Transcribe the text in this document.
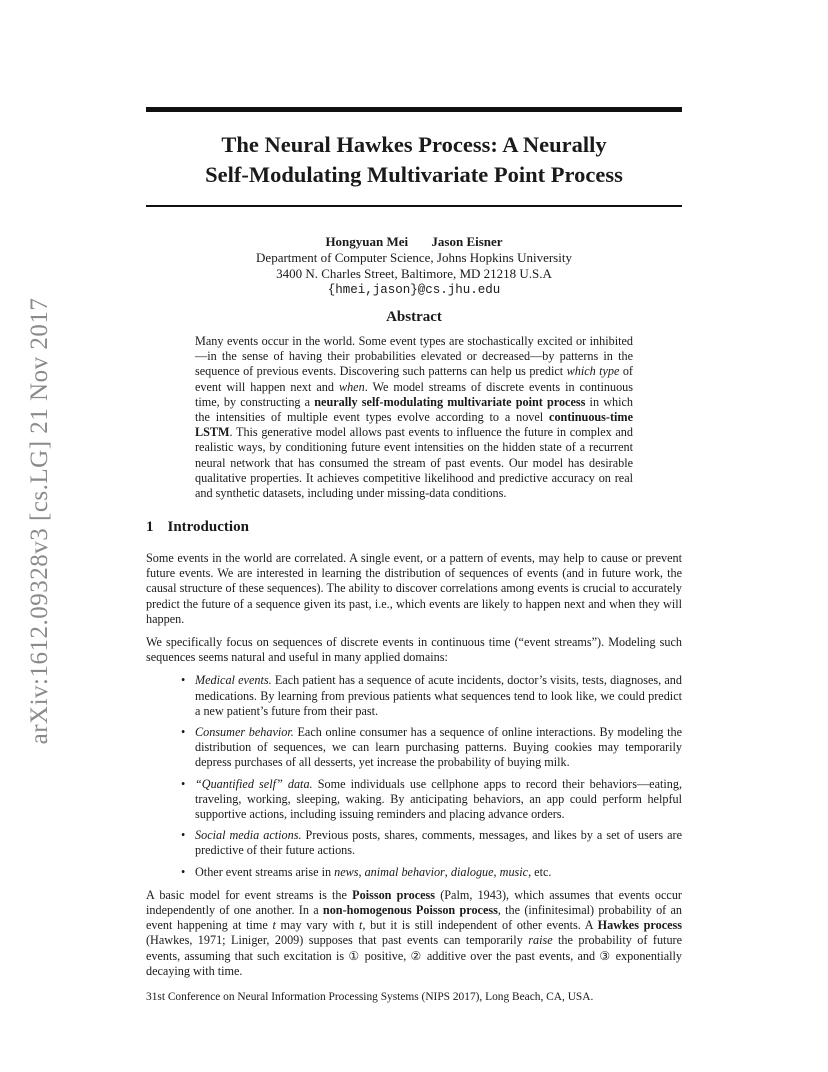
arXiv:1612.09328v3 [cs.LG] 21 Nov 2017
The Neural Hawkes Process: A Neurally
Self-Modulating Multivariate Point Process
Hongyuan Mei Jason Eisner
Department of Computer Science, Johns Hopkins University
3400 N. Charles Street, Baltimore, MD 21218 U.S.A
{hmei,jason}@cs.jhu.edu
Abstract

Many events occur in the world. Some event types are stochastically excited or inhibited—in the sense of having their probabilities elevated or decreased—by patterns in the sequence of previous events. Discovering such patterns can help us predict which type of event will happen next and when. We model streams of discrete events in continuous time, by constructing a neurally self-modulating multivariate point process in which the intensities of multiple event types evolve according to a novel continuous-time LSTM. This generative model allows past events to influence the future in complex and realistic ways, by conditioning future event intensities on the hidden state of a recurrent neural network that has consumed the stream of past events. Our model has desirable qualitative properties. It achieves competitive likelihood and predictive accuracy on real and synthetic datasets, including under missing-data conditions.

1 Introduction

Some events in the world are correlated. A single event, or a pattern of events, may help to cause or prevent future events. We are interested in learning the distribution of sequences of events (and in future work, the causal structure of these sequences). The ability to discover correlations among events is crucial to accurately predict the future of a sequence given its past, i.e., which events are likely to happen next and when they will happen.

We specifically focus on sequences of discrete events in continuous time (“event streams”). Modeling such sequences seems natural and useful in many applied domains:

• Medical events. Each patient has a sequence of acute incidents, doctor’s visits, tests, diagnoses, and medications. By learning from previous patients what sequences tend to look like, we could predict a new patient’s future from their past.
• Consumer behavior. Each online consumer has a sequence of online interactions. By modeling the distribution of sequences, we can learn purchasing patterns. Buying cookies may temporarily depress purchases of all desserts, yet increase the probability of buying milk.
• “Quantified self” data. Some individuals use cellphone apps to record their behaviors—eating, traveling, working, sleeping, waking. By anticipating behaviors, an app could perform helpful supportive actions, including issuing reminders and placing advance orders.
• Social media actions. Previous posts, shares, comments, messages, and likes by a set of users are predictive of their future actions.
• Other event streams arise in news, animal behavior, dialogue, music, etc.

A basic model for event streams is the Poisson process (Palm, 1943), which assumes that events occur independently of one another. In a non-homogenous Poisson process, the (infinitesimal) probability of an event happening at time t may vary with t, but it is still independent of other events. A Hawkes process (Hawkes, 1971; Liniger, 2009) supposes that past events can temporarily raise the probability of future events, assuming that such excitation is ① positive, ② additive over the past events, and ③ exponentially decaying with time.

31st Conference on Neural Information Processing Systems (NIPS 2017), Long Beach, CA, USA.
